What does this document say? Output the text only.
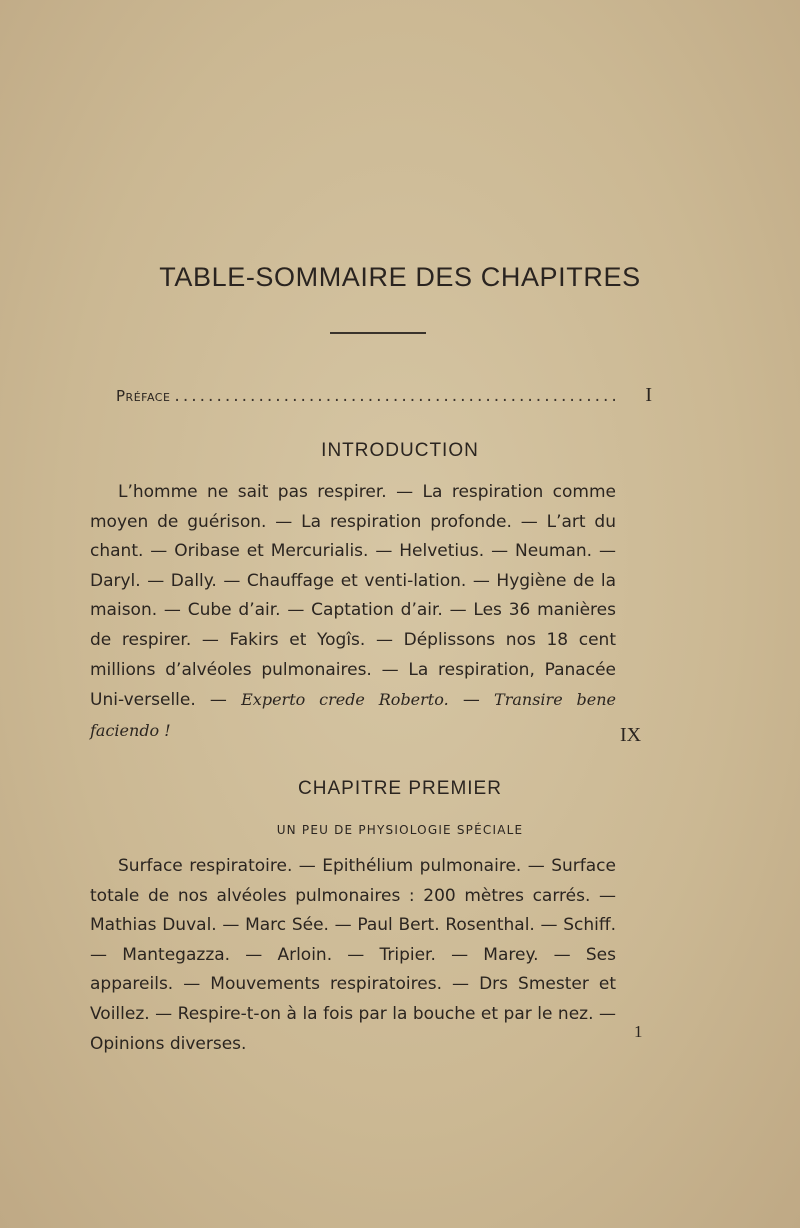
TABLE-SOMMAIRE DES CHAPITRES
Préface
.....	I
INTRODUCTION

L’homme ne sait pas respirer. — La respiration comme moyen de guérison. — La respiration profonde. — L’art du chant. — Oribase et Mercurialis. — Helvetius. — Neuman. — Daryl. — Dally. — Chauffage et venti-lation. — Hygiène de la maison. — Cube d’air. — Captation d’air. — Les 36 manières de respirer. — Fakirs et Yogîs. — Déplissons nos 18 cent millions d’alvéoles pulmonaires. — La respiration, Panacée Uni-verselle. — Experto crede Roberto. — Transire bene faciendo !	IX
CHAPITRE PREMIER
UN PEU DE PHYSIOLOGIE SPÉCIALE

Surface respiratoire. — Epithélium pulmonaire. — Surface totale de nos alvéoles pulmonaires : 200 mètres carrés. — Mathias Duval. — Marc Sée. — Paul Bert. Rosenthal. — Schiff. — Mantegazza. — Arloin. — Tripier. — Marey. — Ses appareils. — Mouvements respiratoires. — Drs Smester et Voillez. — Respire-t-on à la fois par la bouche et par le nez. — Opinions diverses.

1
